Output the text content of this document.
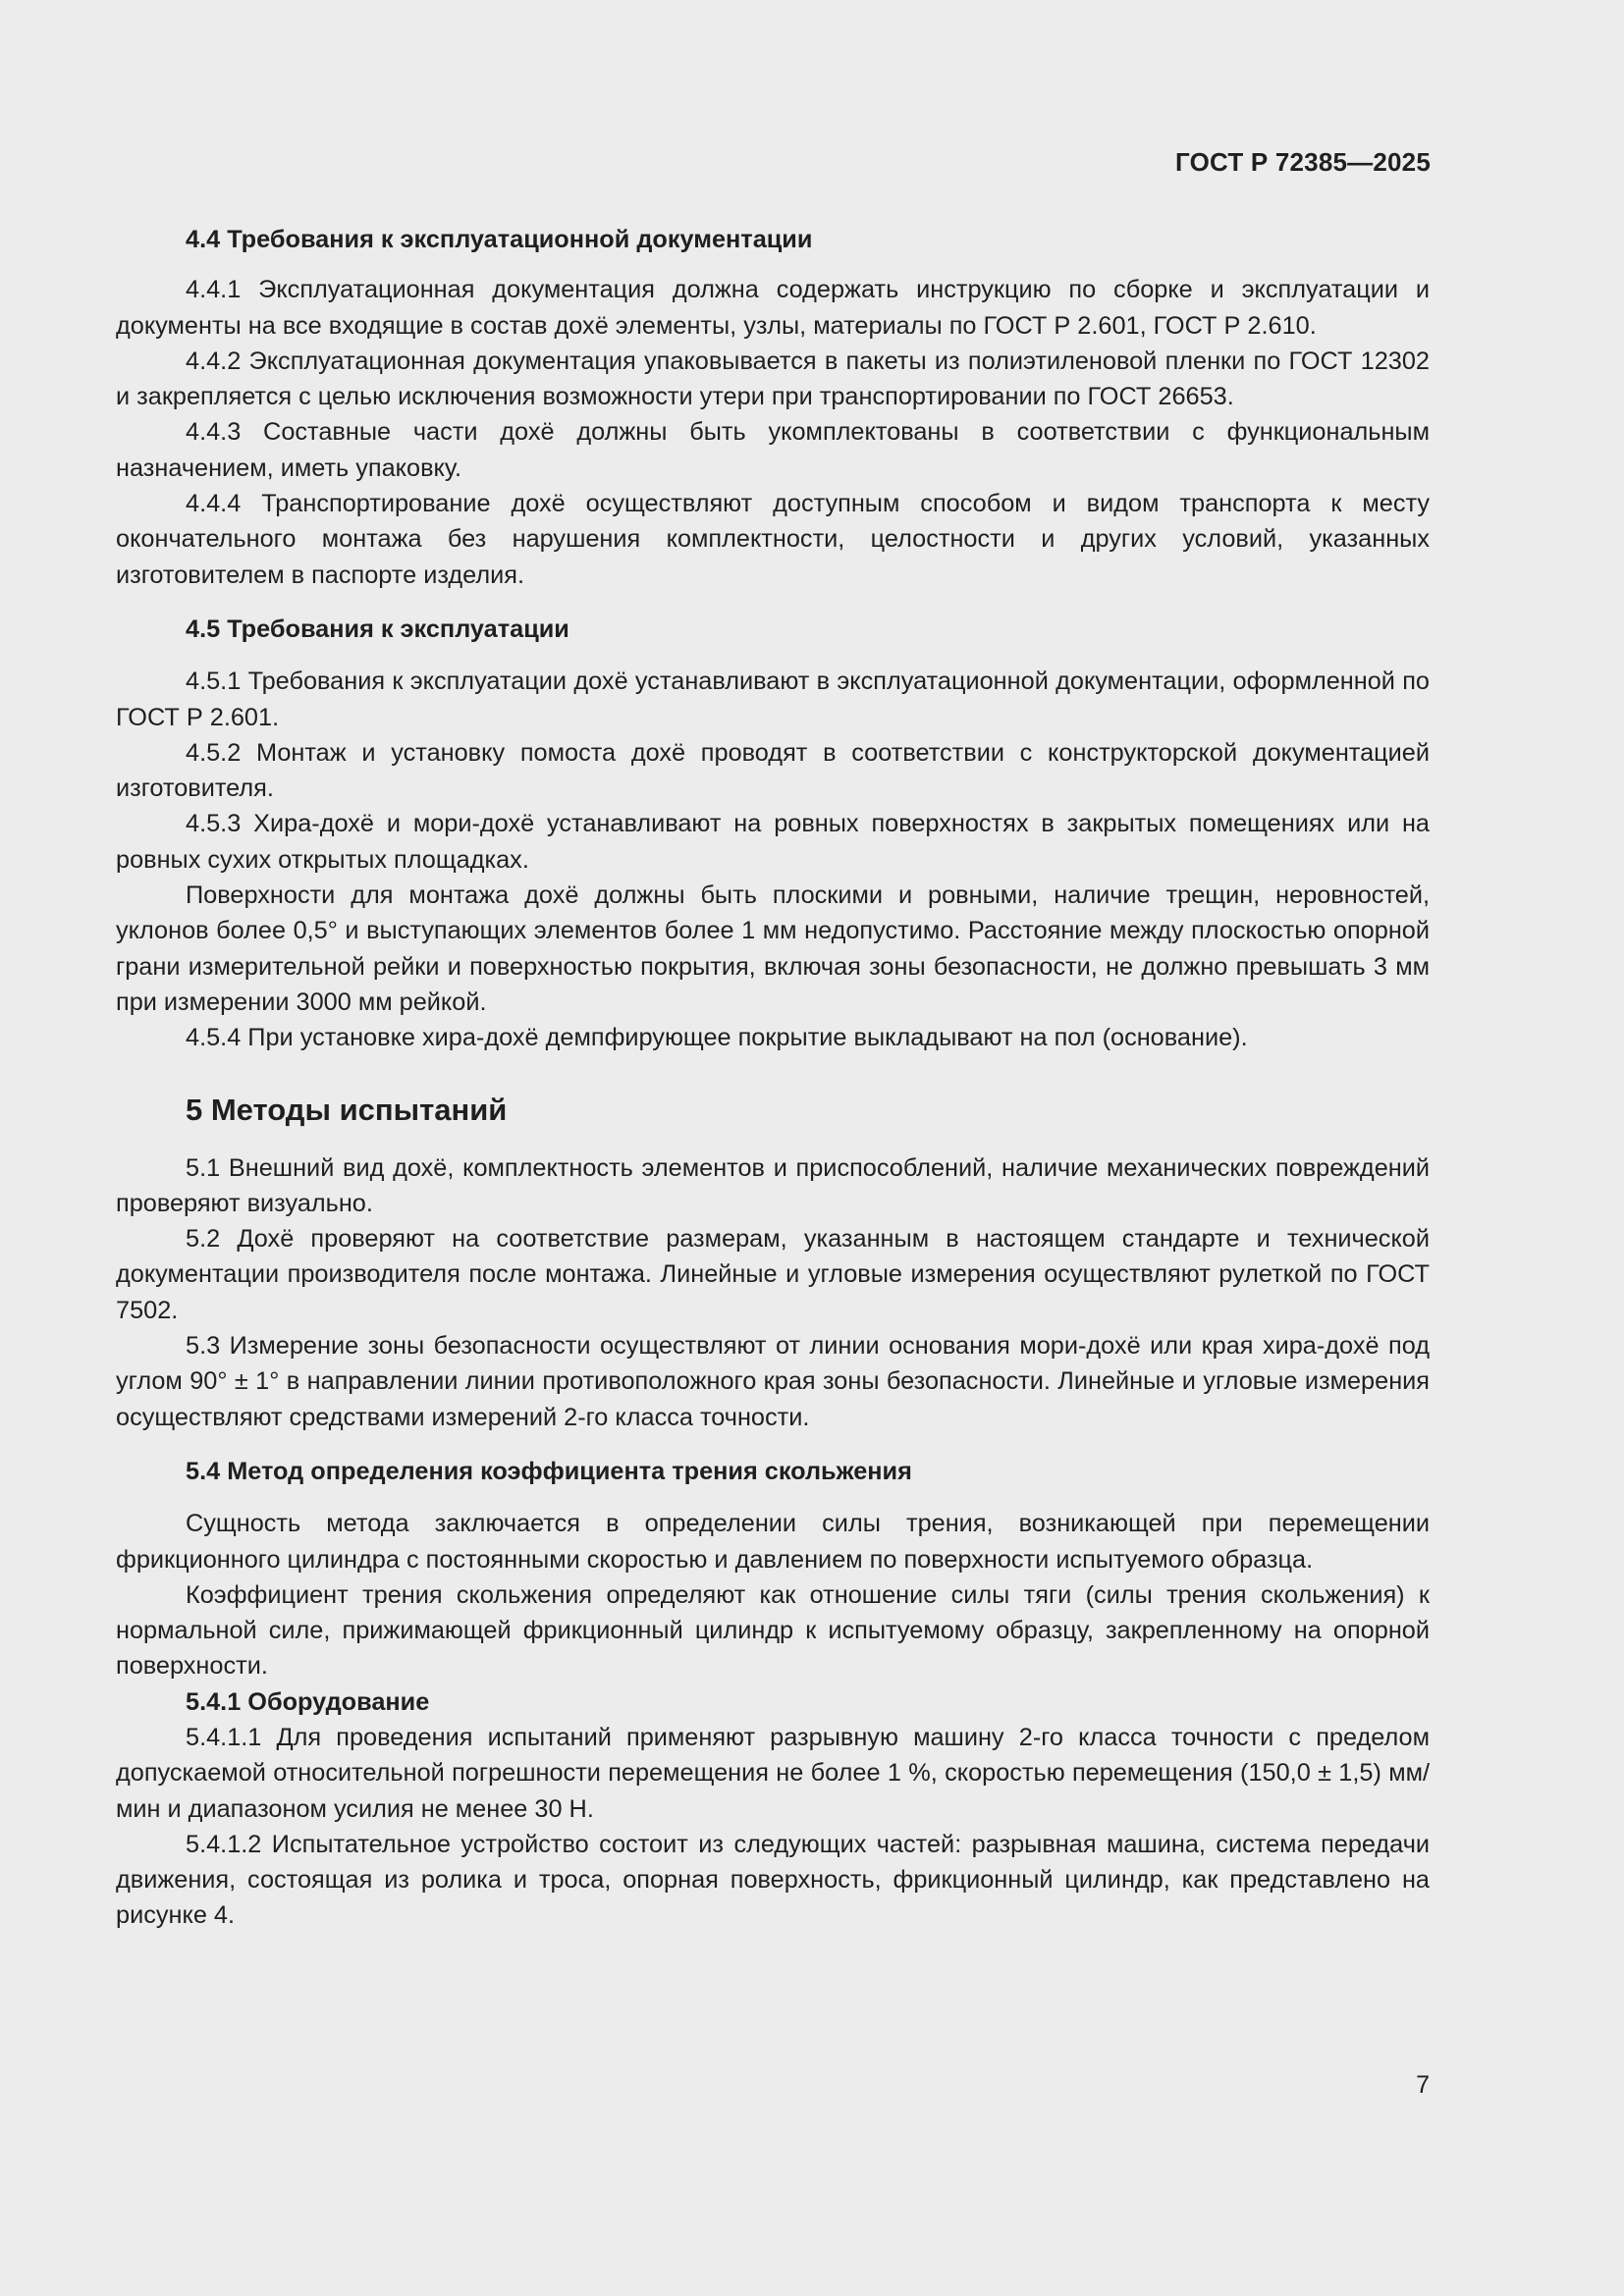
ГОСТ Р 72385—2025
4.4 Требования к эксплуатационной документации

4.4.1 Эксплуатационная документация должна содержать инструкцию по сборке и эксплуатации и документы на все входящие в состав дохё элементы, узлы, материалы по ГОСТ Р 2.601, ГОСТ Р 2.610.

4.4.2 Эксплуатационная документация упаковывается в пакеты из полиэтиленовой пленки по ГОСТ 12302 и закрепляется с целью исключения возможности утери при транспортировании по ГОСТ 26653.

4.4.3 Составные части дохё должны быть укомплектованы в соответствии с функциональным назначением, иметь упаковку.

4.4.4 Транспортирование дохё осуществляют доступным способом и видом транспорта к месту окончательного монтажа без нарушения комплектности, целостности и других условий, указанных изготовителем в паспорте изделия.

4.5 Требования к эксплуатации

4.5.1 Требования к эксплуатации дохё устанавливают в эксплуатационной документации, оформленной по ГОСТ Р 2.601.

4.5.2 Монтаж и установку помоста дохё проводят в соответствии с конструкторской документацией изготовителя.

4.5.3 Хира-дохё и мори-дохё устанавливают на ровных поверхностях в закрытых помещениях или на ровных сухих открытых площадках.

Поверхности для монтажа дохё должны быть плоскими и ровными, наличие трещин, неровностей, уклонов более 0,5° и выступающих элементов более 1 мм недопустимо. Расстояние между плоскостью опорной грани измерительной рейки и поверхностью покрытия, включая зоны безопасности, не должно превышать 3 мм при измерении 3000 мм рейкой.

4.5.4 При установке хира-дохё демпфирующее покрытие выкладывают на пол (основание).

5 Методы испытаний

5.1 Внешний вид дохё, комплектность элементов и приспособлений, наличие механических повреждений проверяют визуально.

5.2 Дохё проверяют на соответствие размерам, указанным в настоящем стандарте и технической документации производителя после монтажа. Линейные и угловые измерения осуществляют рулеткой по ГОСТ 7502.

5.3 Измерение зоны безопасности осуществляют от линии основания мори-дохё или края хира-дохё под углом 90° ± 1° в направлении линии противоположного края зоны безопасности. Линейные и угловые измерения осуществляют средствами измерений 2-го класса точности.

5.4 Метод определения коэффициента трения скольжения

Сущность метода заключается в определении силы трения, возникающей при перемещении фрикционного цилиндра с постоянными скоростью и давлением по поверхности испытуемого образца.

Коэффициент трения скольжения определяют как отношение силы тяги (силы трения скольжения) к нормальной силе, прижимающей фрикционный цилиндр к испытуемому образцу, закрепленному на опорной поверхности.

5.4.1 Оборудование

5.4.1.1 Для проведения испытаний применяют разрывную машину 2-го класса точности с пределом допускаемой относительной погрешности перемещения не более 1 %, скоростью перемещения (150,0 ± 1,5) мм/мин и диапазоном усилия не менее 30 Н.

5.4.1.2 Испытательное устройство состоит из следующих частей: разрывная машина, система передачи движения, состоящая из ролика и троса, опорная поверхность, фрикционный цилиндр, как представлено на рисунке 4.

7
